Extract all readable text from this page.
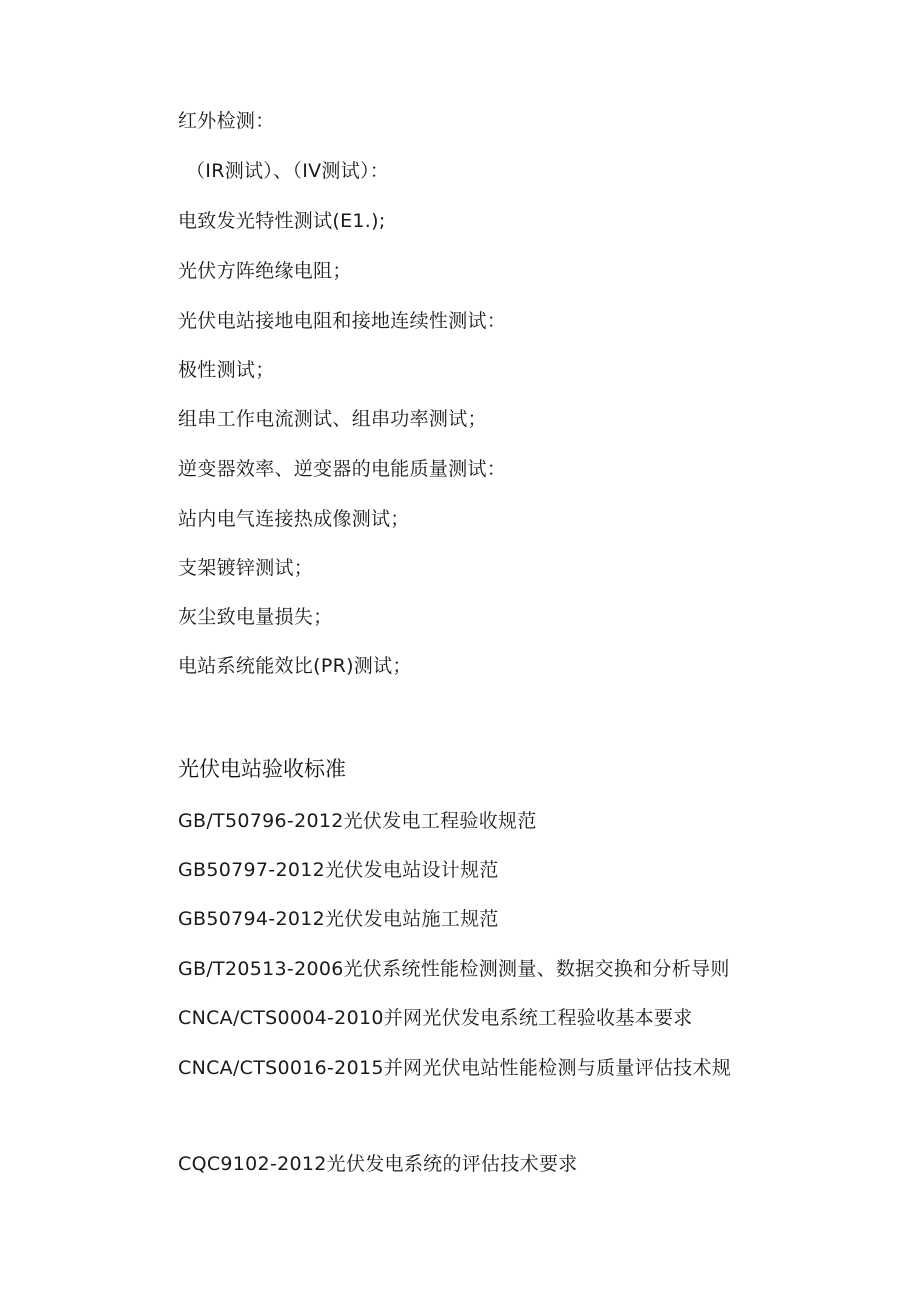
红外检测：
（IR测试）、（IV测试）：
电致发光特性测试(E1.);
光伏方阵绝缘电阻；
光伏电站接地电阻和接地连续性测试：
极性测试；
组串工作电流测试、组串功率测试；
逆变器效率、逆变器的电能质量测试：
站内电气连接热成像测试；
支架镀锌测试；
灰尘致电量损失；
电站系统能效比(PR)测试；
光伏电站验收标准
GB/T50796-2012光伏发电工程验收规范
GB50797-2012光伏发电站设计规范
GB50794-2012光伏发电站施工规范
GB/T20513-2006光伏系统性能检测测量、数据交换和分析导则
CNCA/CTS0004-2010并网光伏发电系统工程验收基本要求
CNCA/CTS0016-2015并网光伏电站性能检测与质量评估技术规
CQC9102-2012光伏发电系统的评估技术要求
